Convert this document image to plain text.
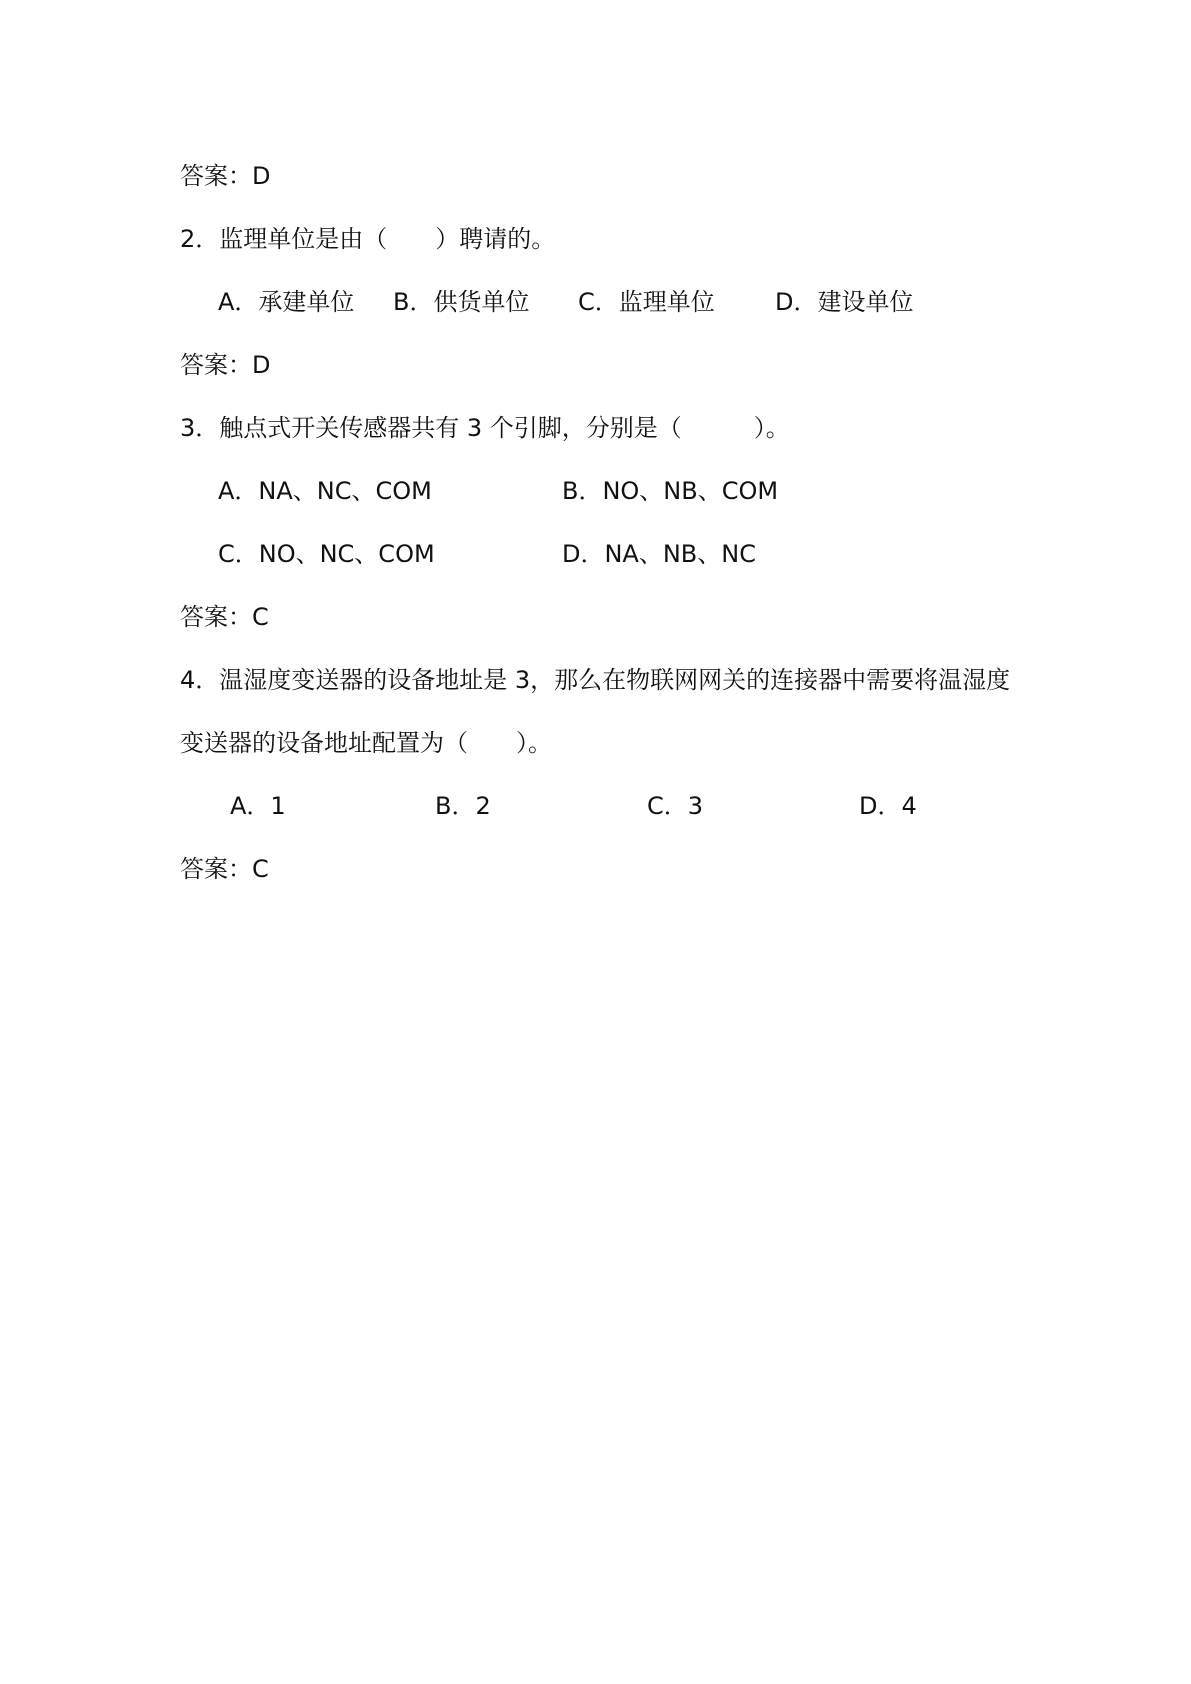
答案：D
2．监理单位是由（　　）聘请的。
A．承建单位 B．供货单位 C．监理单位	D．建设单位
答案：D
3．触点式开关传感器共有 3 个引脚，分别是（　　　）。
A．NA、NC、COM	B．NO、NB、COM
C．NO、NC、COM	D．NA、NB、NC
答案：C
4．温湿度变送器的设备地址是 3，那么在物联网网关的连接器中需要将温湿度
变送器的设备地址配置为（　　）。
A．1	B．2	C．3	D．4
答案：C
